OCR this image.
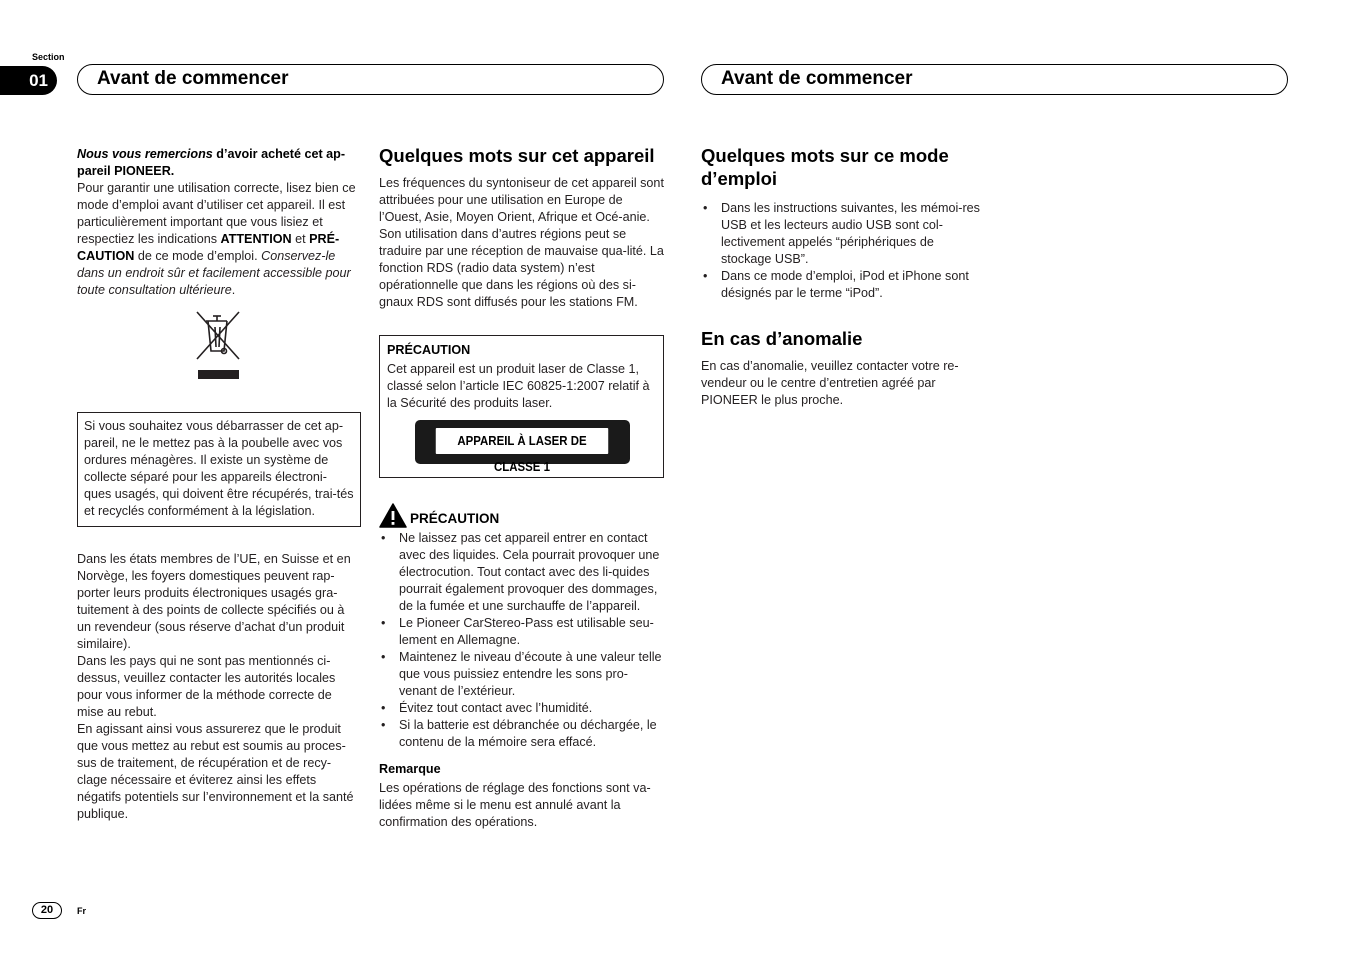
Section
01	Avant de commencer	Avant de commencer

Nous vous remercions d’avoir acheté cet ap-pareil PIONEER.

Pour garantir une utilisation correcte, lisez bien ce mode d’emploi avant d’utiliser cet appareil. Il est particulièrement important que vous lisiez et respectiez les indications ATTENTION et PRÉ-CAUTION de ce mode d’emploi. Conservez-le dans un endroit sûr et facilement accessible pour toute consultation ultérieure.

Si vous souhaitez vous débarrasser de cet ap-pareil, ne le mettez pas à la poubelle avec vos ordures ménagères. Il existe un système de collecte séparé pour les appareils électroni-ques usagés, qui doivent être récupérés, trai-tés et recyclés conformément à la législation.

Dans les états membres de l’UE, en Suisse et en Norvège, les foyers domestiques peuvent rap-porter leurs produits électroniques usagés gra-tuitement à des points de collecte spécifiés ou à un revendeur (sous réserve d’achat d’un produit similaire).

Dans les pays qui ne sont pas mentionnés ci-dessus, veuillez contacter les autorités locales pour vous informer de la méthode correcte de mise au rebut.

En agissant ainsi vous assurerez que le produit que vous mettez au rebut est soumis au proces-sus de traitement, de récupération et de recy-clage nécessaire et éviterez ainsi les effets négatifs potentiels sur l’environnement et la santé publique.

Quelques mots sur cet appareil

Les fréquences du syntoniseur de cet appareil sont attribuées pour une utilisation en Europe de l’Ouest, Asie, Moyen Orient, Afrique et Océ-anie. Son utilisation dans d’autres régions peut se traduire par une réception de mauvaise qua-lité. La fonction RDS (radio data system) n’est opérationnelle que dans les régions où des si-gnaux RDS sont diffusés pour les stations FM.

PRÉCAUTION

Cet appareil est un produit laser de Classe 1, classé selon l’article IEC 60825-1:2007 relatif à la Sécurité des produits laser.

APPAREIL À LASER DE CLASSE 1
PRÉCAUTION
• Ne laissez pas cet appareil entrer en contact avec des liquides. Cela pourrait provoquer une électrocution. Tout contact avec des li-quides pourrait également provoquer des dommages, de la fumée et une surchauffe de l’appareil.
• Le Pioneer CarStereo-Pass est utilisable seu-lement en Allemagne.
• Maintenez le niveau d’écoute à une valeur telle que vous puissiez entendre les sons pro-venant de l’extérieur.
• Évitez tout contact avec l’humidité.
• Si la batterie est débranchée ou déchargée, le contenu de la mémoire sera effacé.

Remarque

Les opérations de réglage des fonctions sont va-lidées même si le menu est annulé avant la confirmation des opérations.

Quelques mots sur ce mode d’emploi
• Dans les instructions suivantes, les mémoi-res USB et les lecteurs audio USB sont col-lectivement appelés “périphériques de stockage USB”.
• Dans ce mode d’emploi, iPod et iPhone sont désignés par le terme “iPod”.
En cas d’anomalie

En cas d’anomalie, veuillez contacter votre re-vendeur ou le centre d’entretien agréé par PIONEER le plus proche.

20	Fr
